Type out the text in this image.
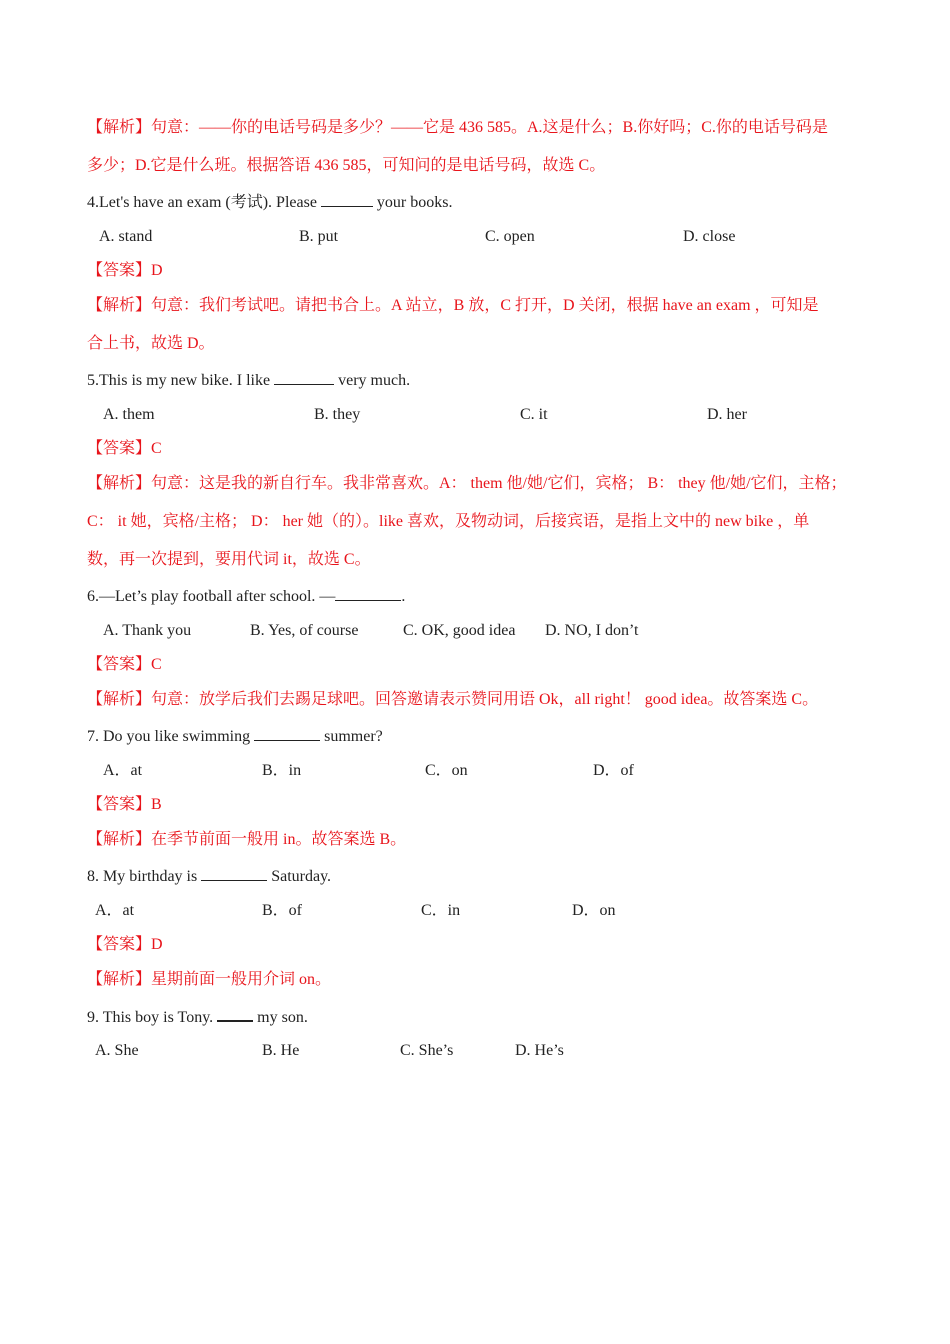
【解析】句意：——你的电话号码是多少？——它是 436 585。A.这是什么；B.你好吗；C.你的电话号码是
多少；D.它是什么班。根据答语 436 585，可知问的是电话号码，故选 C。
4.Let's have an exam (考试). Please	your books.
A. stand	B. put	C. open	D. close
【答案】D
【解析】句意：我们考试吧。请把书合上。A 站立，B 放，C 打开，D 关闭，根据 have an exam ，可知是
合上书，故选 D。
5.This is my new bike. I like	very much.
A. them	B. they	C. it	D. her
【答案】C
【解析】句意：这是我的新自行车。我非常喜欢。A： them 他/她/它们，宾格； B： they 他/她/它们，主格；
C： it 她，宾格/主格； D： her 她（的）。like 喜欢，及物动词，后接宾语，是指上文中的 new bike ，单
数，再一次提到，要用代词 it，故选 C。
6.—Let’s play football after school. —	.
A. Thank you	B. Yes, of course	C. OK, good idea D. NO, I don’t
【答案】C
【解析】句意：放学后我们去踢足球吧。回答邀请表示赞同用语 Ok，all right！ good idea。故答案选 C。
7. Do you like swimming	summer?
A．at	B．in	C．on	D．of
【答案】B
【解析】在季节前面一般用 in。故答案选 B。
8. My birthday is	Saturday.
A．at	B．of	C．in	D．on
【答案】D
【解析】星期前面一般用介词 on。
9. This boy is Tony.  my son.
A. She	B. He	C. She’s	D. He’s
